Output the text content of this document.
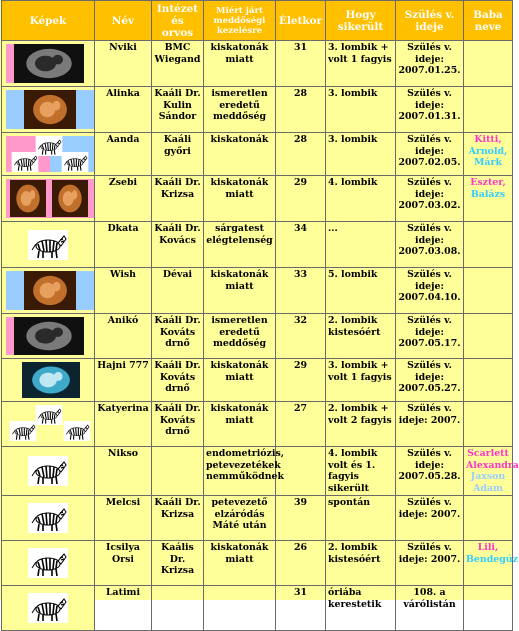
Képek	Név	Intézet és orvos	Miért járt meddőségi kezelésre	Életkor	Hogy sikerült	Szülés v. ideje	Baba neve

	Nviki	BMC Wiegand	kiskatonák miatt	31	3. lombik + volt 1 fagyis	Szülés v. ideje: 2007.01.25.	

	Alinka	Kaáli Dr. Kulin Sándor	ismeretlen eredetű meddőség	28	3. lombik	Szülés v. ideje: 2007.01.31.	

	Aanda	Kaáli győri	kiskatonák	28	3. lombik	Szülés v. ideje: 2007.02.05.	Kitti,
Arnold,
Márk

	Zsebi	Kaáli Dr. Krizsa	kiskatonák miatt	29	4. lombik	Szülés v. ideje: 2007.03.02.	Eszter,
Balázs

	Dkata	Kaáli Dr. Kovács	sárgatest elégtelenség	34	...	Szülés v. ideje: 2007.03.08.	

	Wish	Dévai	kiskatonák miatt	33	5. lombik	Szülés v. ideje: 2007.04.10.	

	Anikó	Kaáli Dr. Kováts drnő	ismeretlen eredetű meddőség	32	2. lombik kistesóért	Szülés v. ideje: 2007.05.17.	

	Hajni 777	Kaáli Dr. Kováts drnő	kiskatonák miatt	29	3. lombik + volt 1 fagyis	Szülés v. ideje: 2007.05.27.	

	Katyerina	Kaáli Dr. Kováts drnő	kiskatonák miatt	27	2. lombik + volt 2 fagyis	Szülés v. ideje: 2007.	

	Nikso		endometriózis, petevezetékek nemműködnek		4. lombik volt és 1. fagyis sikerült	Szülés v. ideje: 2007.05.28.	Scarlett
Alexandra
Jaxson
Adam

	Melcsi	Kaáli Dr. Krizsa	petevezető elzáródás Máté után	39	spontán	Szülés v. ideje: 2007.	

	Icsilya Orsi	Kaális Dr. Krizsa	kiskatonák miatt	26	2. lombik kistesóért	Szülés v. ideje: 2007.	Lili,
Bendegúz

	Latimi			31	óriába kerestetik	108. a várólistán	
